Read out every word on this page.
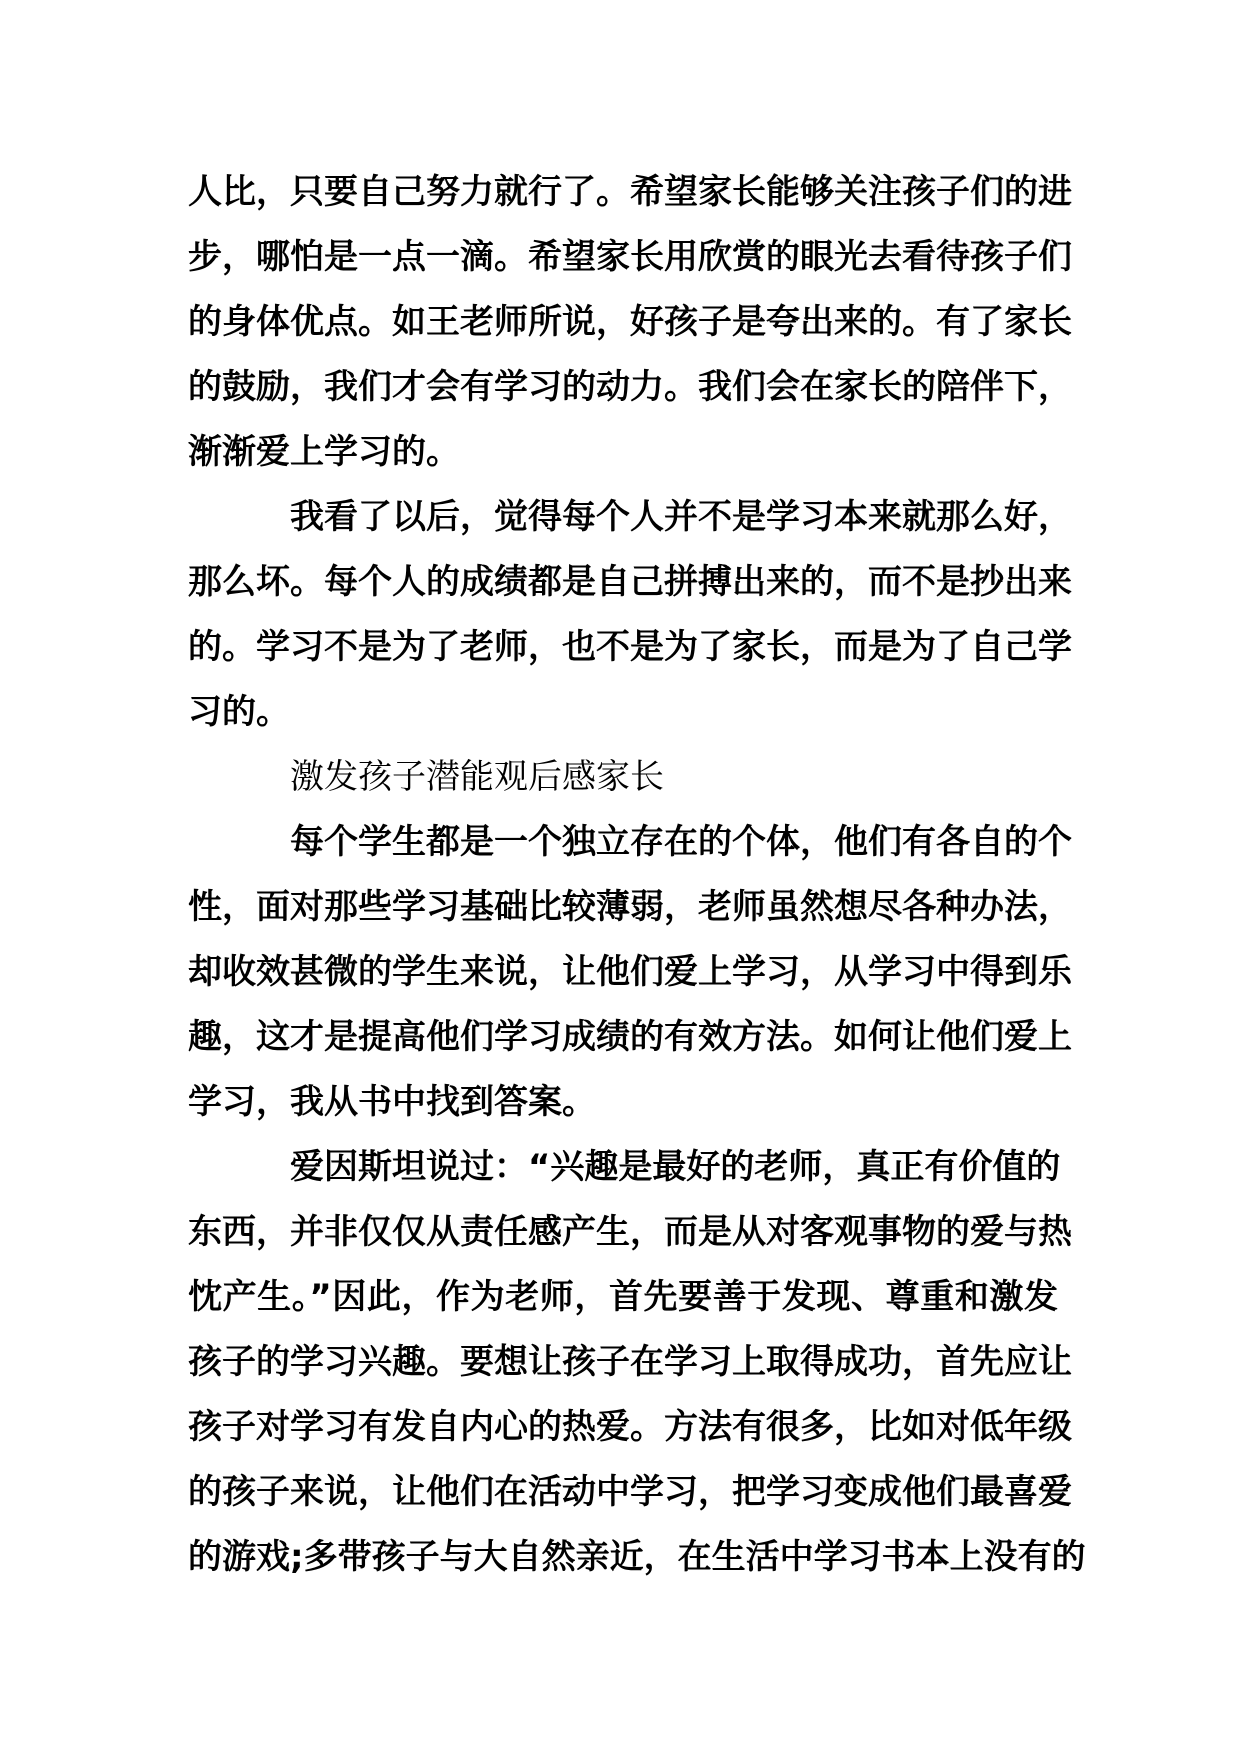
人比，只要自己努力就行了。希望家长能够关注孩子们的进
步，哪怕是一点一滴。希望家长用欣赏的眼光去看待孩子们
的身体优点。如王老师所说，好孩子是夸出来的。有了家长
的鼓励，我们才会有学习的动力。我们会在家长的陪伴下，
渐渐爱上学习的。
我看了以后，觉得每个人并不是学习本来就那么好，
那么坏。每个人的成绩都是自己拼搏出来的，而不是抄出来
的。学习不是为了老师，也不是为了家长，而是为了自己学
习的。
激发孩子潜能观后感家长
每个学生都是一个独立存在的个体，他们有各自的个
性，面对那些学习基础比较薄弱，老师虽然想尽各种办法，
却收效甚微的学生来说，让他们爱上学习，从学习中得到乐
趣，这才是提高他们学习成绩的有效方法。如何让他们爱上
学习，我从书中找到答案。
爱因斯坦说过：“兴趣是最好的老师，真正有价值的
东西，并非仅仅从责任感产生，而是从对客观事物的爱与热
忱产生。”因此，作为老师，首先要善于发现、尊重和激发
孩子的学习兴趣。要想让孩子在学习上取得成功，首先应让
孩子对学习有发自内心的热爱。方法有很多，比如对低年级
的孩子来说，让他们在活动中学习，把学习变成他们最喜爱
的游戏;多带孩子与大自然亲近，在生活中学习书本上没有的
